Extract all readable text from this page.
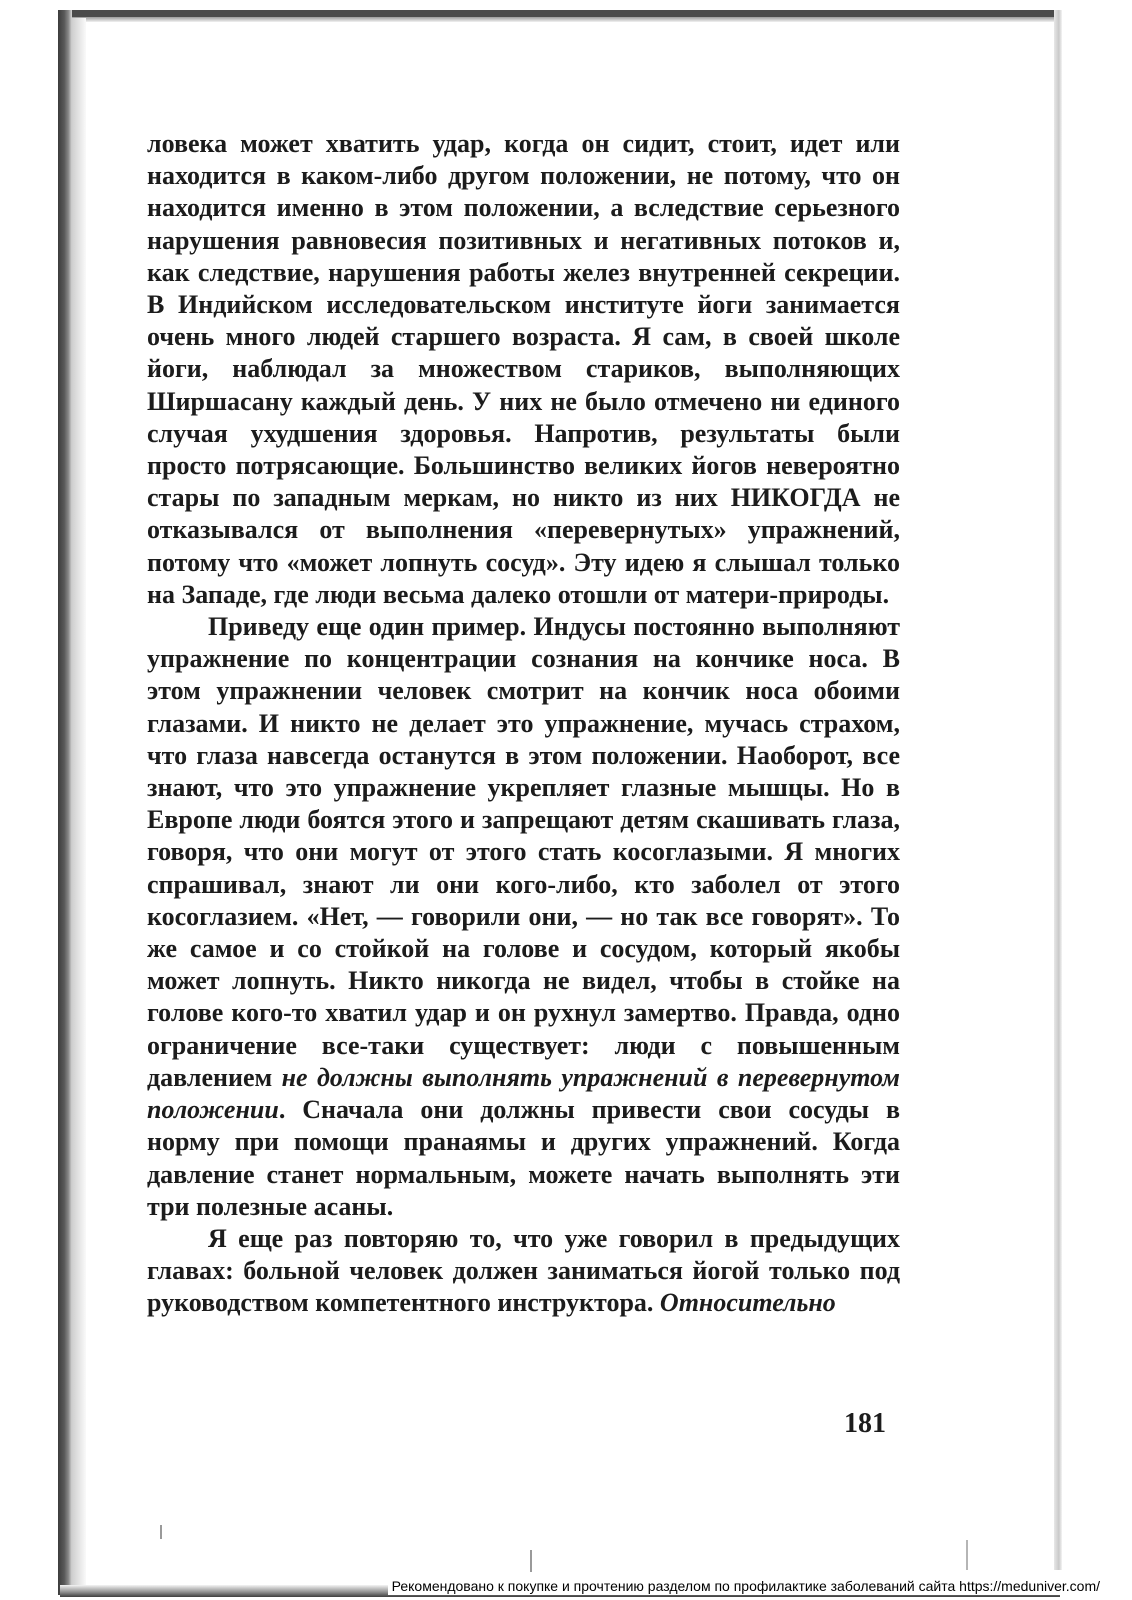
ловека может хватить удар, когда он сидит, стоит, идет или находится в каком-либо другом положении, не потому, что он находится именно в этом положении, а вследствие серьезного нарушения равновесия позитивных и негативных потоков и, как следствие, нарушения работы желез внутренней секреции. В Индийском исследовательском институте йоги занимается очень много людей старшего возраста. Я сам, в своей школе йоги, наблюдал за множеством стариков, выполняющих Ширшасану каждый день. У них не было отмечено ни единого случая ухудшения здоровья. Напротив, результаты были просто потрясающие. Большинство великих йогов невероятно стары по западным меркам, но никто из них НИКОГДА не отказывался от выполнения «перевернутых» упражнений, потому что «может лопнуть сосуд». Эту идею я слышал только на Западе, где люди весьма далеко отошли от матери-природы.

Приведу еще один пример. Индусы постоянно выполняют упражнение по концентрации сознания на кончике носа. В этом упражнении человек смотрит на кончик носа обоими глазами. И никто не делает это упражнение, мучась страхом, что глаза навсегда останутся в этом положении. Наоборот, все знают, что это упражнение укрепляет глазные мышцы. Но в Европе люди боятся этого и запрещают детям скашивать глаза, говоря, что они могут от этого стать косоглазыми. Я многих спрашивал, знают ли они кого-либо, кто заболел от этого косоглазием. «Нет, — говорили они, — но так все говорят». То же самое и со стойкой на голове и сосудом, который якобы может лопнуть. Никто никогда не видел, чтобы в стойке на голове кого-то хватил удар и он рухнул замертво. Правда, одно ограничение все-таки существует: люди с повышенным давлением не должны выполнять упражнений в перевернутом положении. Сначала они должны привести свои сосуды в норму при помощи пранаямы и других упражнений. Когда давление станет нормальным, можете начать выполнять эти три полезные асаны.

Я еще раз повторяю то, что уже говорил в предыдущих главах: больной человек должен заниматься йогой только под руководством компетентного инструктора. Относительно

181
Рекомендовано к покупке и прочтению разделом по профилактике заболеваний сайта https://meduniver.com/
